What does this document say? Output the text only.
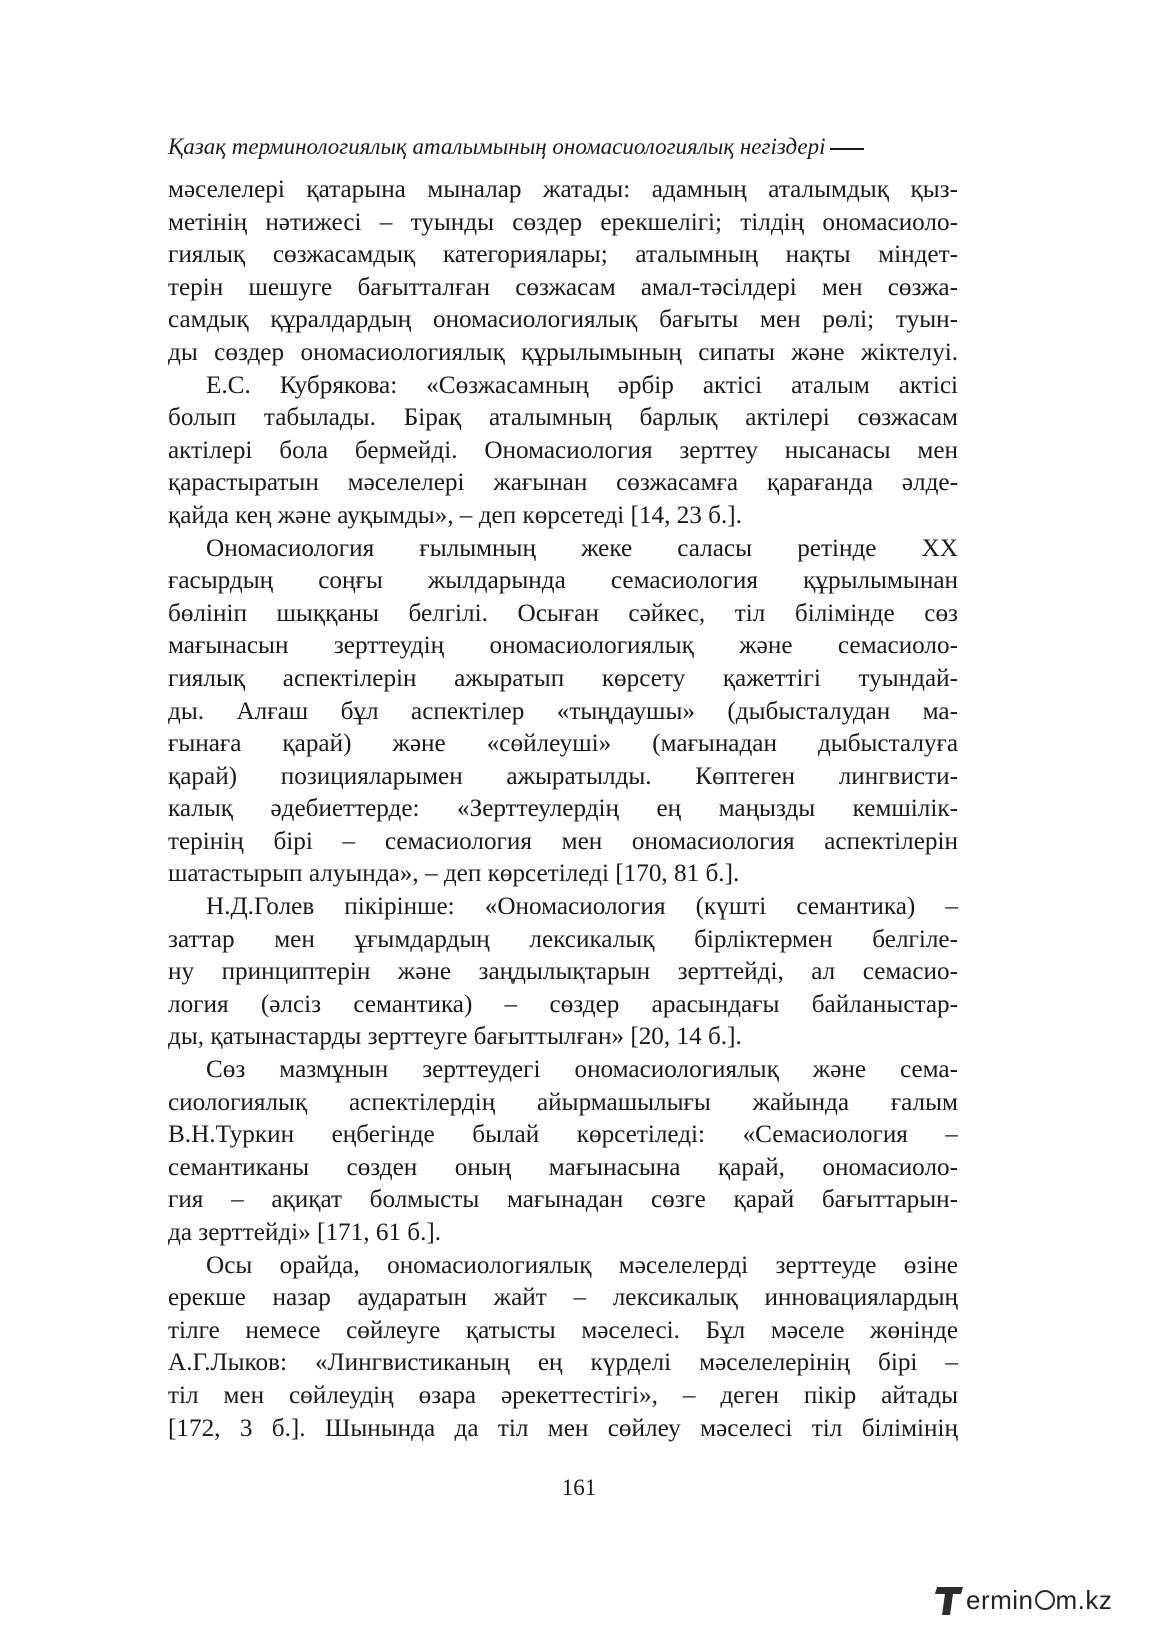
Қазақ терминологиялық аталымының ономасиологиялық негіздері
мәселелері қатарына мыналар жатады: адамның аталымдық қыз-
метінің нәтижесі – туынды сөздер ерекшелігі; тілдің ономасиоло-
гиялық сөзжасамдық категориялары; аталымның нақты міндет-
терін шешуге бағытталған сөзжасам амал-тәсілдері мен сөзжа-
самдық құралдардың ономасиологиялық бағыты мен рөлі; туын-
ды сөздер ономасиологиялық құрылымының сипаты және жіктелуі.
Е.С. Кубрякова: «Сөзжасамның әрбір актісі аталым актісі
болып табылады. Бірақ аталымның барлық актілері сөзжасам
актілері бола бермейді. Ономасиология зерттеу нысанасы мен
қарастыратын мәселелері жағынан сөзжасамға қарағанда әлде-
қайда кең және ауқымды», – деп көрсетеді [14, 23 б.].
Ономасиология ғылымның жеке саласы ретінде XX
ғасырдың соңғы жылдарында семасиология құрылымынан
бөлініп шыққаны белгілі. Осыған сәйкес, тіл білімінде сөз
мағынасын зерттеудің ономасиологиялық және семасиоло-
гиялық аспектілерін ажыратып көрсету қажеттігі туындай-
ды. Алғаш бұл аспектілер «тыңдаушы» (дыбысталудан ма-
ғынаға қарай) және «сөйлеуші» (мағынадан дыбысталуға
қарай) позицияларымен ажыратылды. Көптеген лингвисти-
калық әдебиеттерде: «Зерттеулердің ең маңызды кемшілік-
терінің бірі – семасиология мен ономасиология аспектілерін
шатастырып алуында», – деп көрсетіледі [170, 81 б.].
Н.Д.Голев пікірінше: «Ономасиология (күшті семантика) –
заттар мен ұғымдардың лексикалық бірліктермен белгіле-
ну принциптерін және заңдылықтарын зерттейді, ал семасио-
логия (әлсіз семантика) – сөздер арасындағы байланыстар-
ды, қатынастарды зерттеуге бағыттылған» [20, 14 б.].
Сөз мазмұнын зерттеудегі ономасиологиялық және сема-
сиологиялық аспектілердің айырмашылығы жайында ғалым
В.Н.Туркин еңбегінде былай көрсетіледі: «Семасиология –
семантиканы сөзден оның мағынасына қарай, ономасиоло-
гия – ақиқат болмысты мағынадан сөзге қарай бағыттарын-
да зерттейді» [171, 61 б.].
Осы орайда, ономасиологиялық мәселелерді зерттеуде өзіне
ерекше назар аударатын жайт – лексикалық инновациялардың
тілге немесе сөйлеуге қатысты мәселесі. Бұл мәселе жөнінде
А.Г.Лыков: «Лингвистиканың ең күрделі мәселелерінің бірі –
тіл мен сөйлеудің өзара әрекеттестігі», – деген пікір айтады
[172, 3 б.]. Шынында да тіл мен сөйлеу мәселесі тіл білімінің
161
ermin m.kz
